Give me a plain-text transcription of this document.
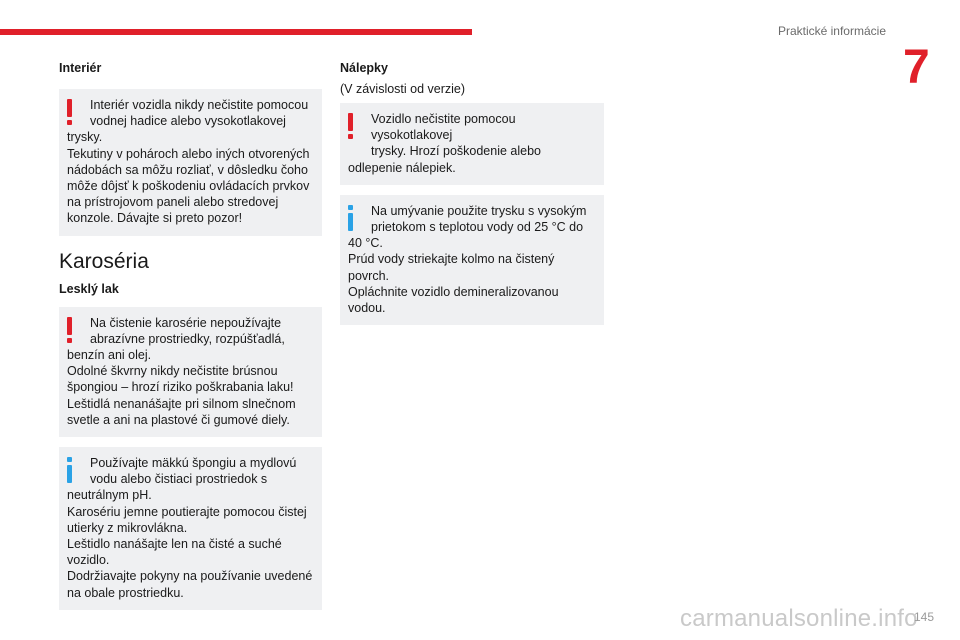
Praktické informácie
7

Interiér

Interiér vozidla nikdy nečistite pomocou

vodnej hadice alebo vysokotlakovej

trysky.

Tekutiny v pohároch alebo iných otvorených

nádobách sa môžu rozliať, v dôsledku čoho

môže dôjsť k poškodeniu ovládacích prvkov

na prístrojovom paneli alebo stredovej

konzole. Dávajte si preto pozor!

Karoséria

Lesklý lak

Na čistenie karosérie nepoužívajte

abrazívne prostriedky, rozpúšťadlá,

benzín ani olej.

Odolné škvrny nikdy nečistite brúsnou

špongiou – hrozí riziko poškrabania laku!

Leštidlá nenanášajte pri silnom slnečnom

svetle a ani na plastové či gumové diely.

Používajte mäkkú špongiu a mydlovú

vodu alebo čistiaci prostriedok s

neutrálnym pH.

Karosériu jemne poutierajte pomocou čistej

utierky z mikrovlákna.

Leštidlo nanášajte len na čisté a suché

vozidlo.

Dodržiavajte pokyny na používanie uvedené

na obale prostriedku.

Nálepky

(V závislosti od verzie)

Vozidlo nečistite pomocou vysokotlakovej

trysky. Hrozí poškodenie alebo

odlepenie nálepiek.

Na umývanie použite trysku s vysokým

prietokom s teplotou vody od 25 °C do

40 °C.

Prúd vody striekajte kolmo na čistený povrch.

Opláchnite vozidlo demineralizovanou vodou.

carmanualsonline.info
145
